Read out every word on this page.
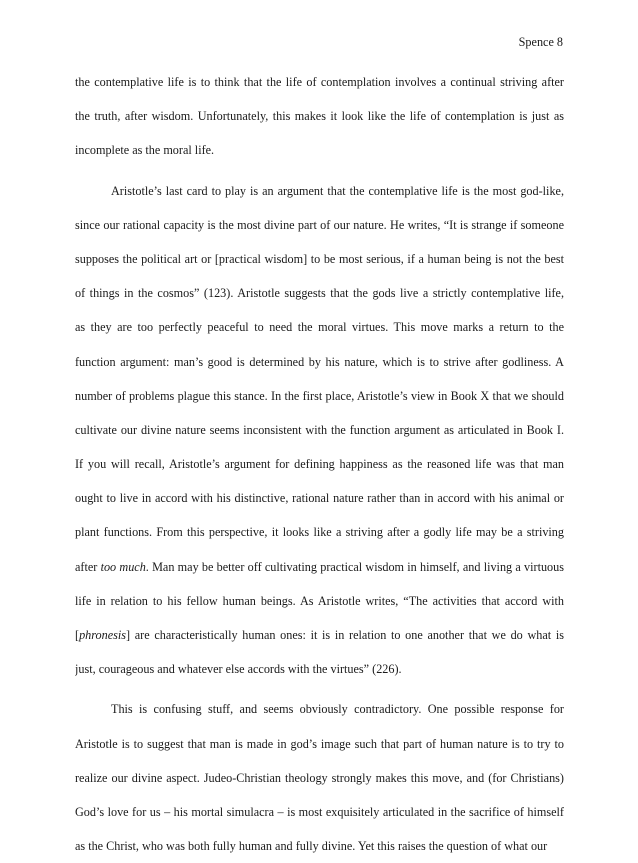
Spence 8
the contemplative life is to think that the life of contemplation involves a continual striving after
the truth, after wisdom. Unfortunately, this makes it look like the life of contemplation is just as
incomplete as the moral life.
Aristotle’s last card to play is an argument that the contemplative life is the most god-like,
since our rational capacity is the most divine part of our nature. He writes, “It is strange if someone
supposes the political art or [practical wisdom] to be most serious, if a human being is not the best
of things in the cosmos” (123). Aristotle suggests that the gods live a strictly contemplative life,
as they are too perfectly peaceful to need the moral virtues. This move marks a return to the
function argument: man’s good is determined by his nature, which is to strive after godliness. A
number of problems plague this stance. In the first place, Aristotle’s view in Book X that we should
cultivate our divine nature seems inconsistent with the function argument as articulated in Book I.
If you will recall, Aristotle’s argument for defining happiness as the reasoned life was that man
ought to live in accord with his distinctive, rational nature rather than in accord with his animal or
plant functions. From this perspective, it looks like a striving after a godly life may be a striving
after too much. Man may be better off cultivating practical wisdom in himself, and living a virtuous
life in relation to his fellow human beings. As Aristotle writes, “The activities that accord with
[phronesis] are characteristically human ones: it is in relation to one another that we do what is
just, courageous and whatever else accords with the virtues” (226).
This is confusing stuff, and seems obviously contradictory. One possible response for
Aristotle is to suggest that man is made in god’s image such that part of human nature is to try to
realize our divine aspect. Judeo-Christian theology strongly makes this move, and (for Christians)
God’s love for us – his mortal simulacra – is most exquisitely articulated in the sacrifice of himself
as the Christ, who was both fully human and fully divine. Yet this raises the question of what our
